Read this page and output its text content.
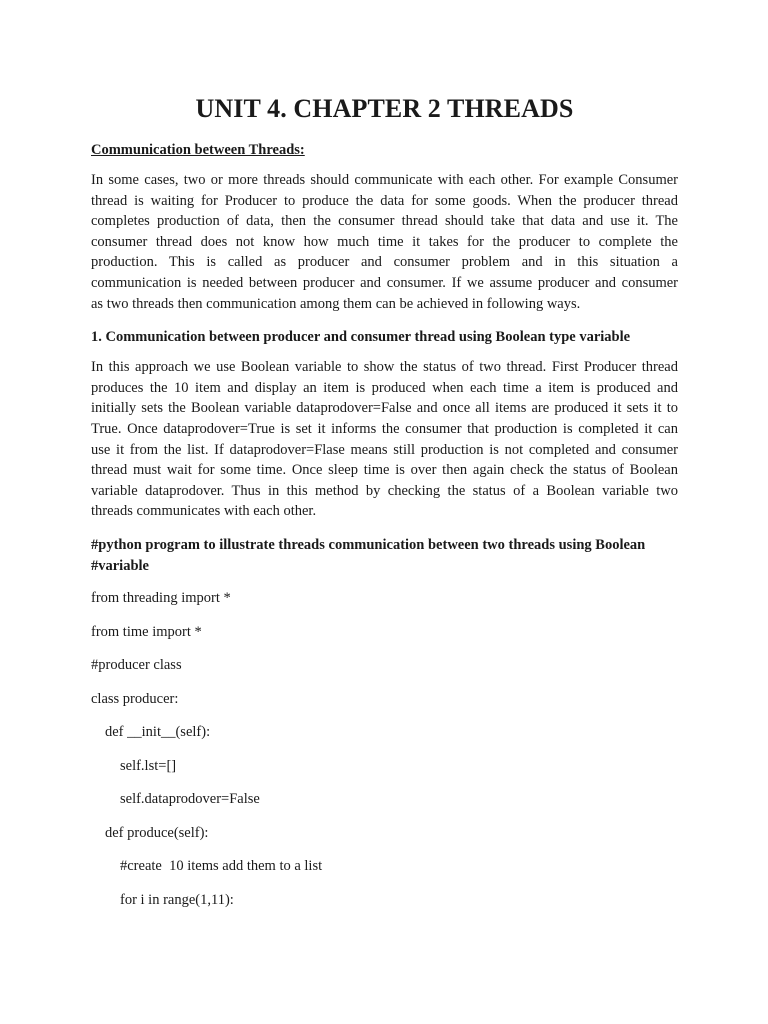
UNIT 4. CHAPTER 2 THREADS
Communication between Threads:
In some cases, two or more threads should communicate with each other. For example Consumer
thread is waiting for Producer to produce the data for some goods. When the producer thread
completes production of data, then the consumer thread should take that data and use it. The
consumer thread does not know how much time it takes for the producer to complete the
production. This is called as producer and consumer problem and in this situation a
communication is needed between producer and consumer. If we assume producer and consumer
as two threads then communication among them can be achieved in following ways.
1. Communication between producer and consumer thread using Boolean type variable
In this approach we use Boolean variable to show the status of two thread. First Producer thread
produces the 10 item and display an item is produced when each time a item is produced and
initially sets the Boolean variable dataprodover=False and once all items are produced it sets it to
True. Once dataprodover=True is set it informs the consumer that production is completed it can
use it from the list. If dataprodover=Flase means still production is not completed and consumer
thread must wait for some time. Once sleep time is over then again check the status of Boolean
variable dataprodover. Thus in this method by checking the status of a Boolean variable two
threads communicates with each other.
#python program to illustrate threads communication between two threads using Boolean
#variable
from threading import *
from time import *
#producer class
class producer:
def __init__(self):
self.lst=[]
self.dataprodover=False
def produce(self):
#create  10 items add them to a list
for i in range(1,11):
